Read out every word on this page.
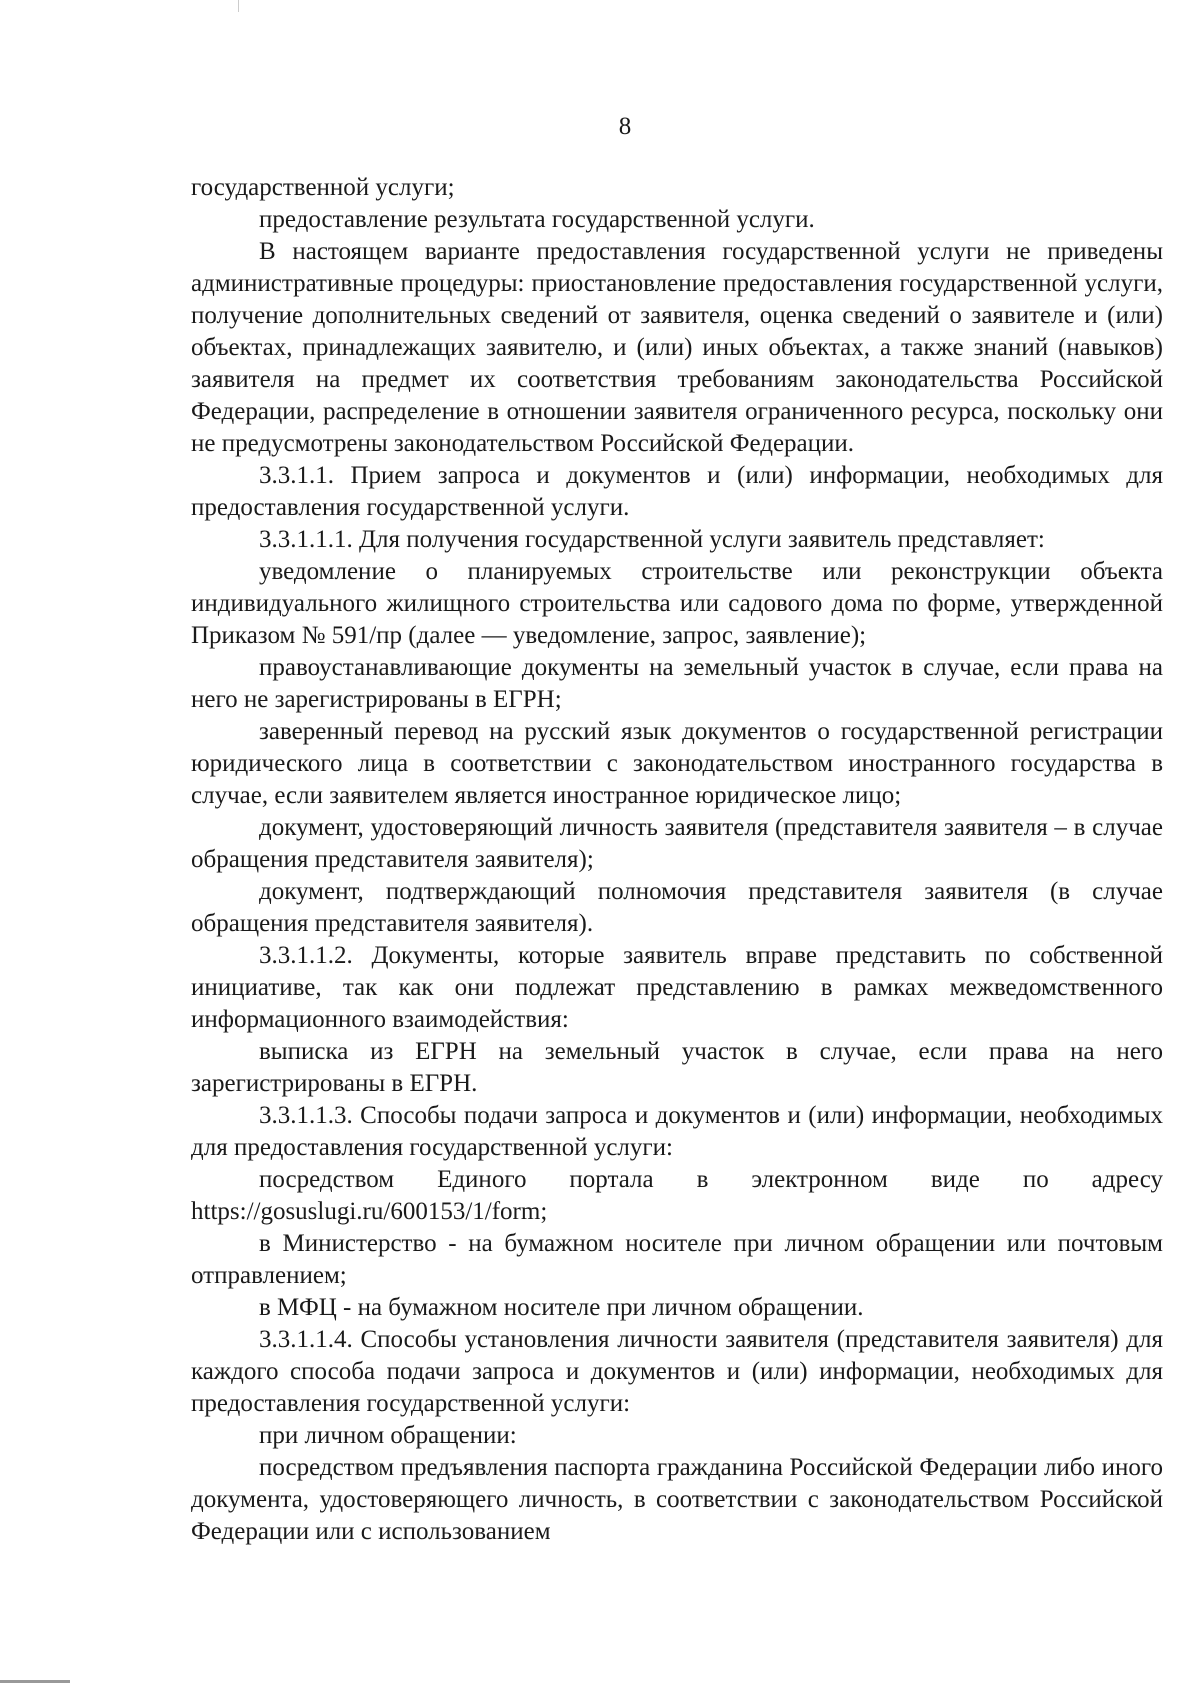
8

государственной услуги;

предоставление результата государственной услуги.

В настоящем варианте предоставления государственной услуги не приведены административные процедуры: приостановление предоставления государственной услуги, получение дополнительных сведений от заявителя, оценка сведений о заявителе и (или) объектах, принадлежащих заявителю, и (или) иных объектах, а также знаний (навыков) заявителя на предмет их соответствия требованиям законодательства Российской Федерации, распределение в отношении заявителя ограниченного ресурса, поскольку они не предусмотрены законодательством Российской Федерации.

3.3.1.1. Прием запроса и документов и (или) информации, необходимых для предоставления государственной услуги.

3.3.1.1.1. Для получения государственной услуги заявитель представляет:

уведомление о планируемых строительстве или реконструкции объекта индивидуального жилищного строительства или садового дома по форме, утвержденной Приказом № 591/пр (далее — уведомление, запрос, заявление);

правоустанавливающие документы на земельный участок в случае, если права на него не зарегистрированы в ЕГРН;

заверенный перевод на русский язык документов о государственной регистрации юридического лица в соответствии с законодательством иностранного государства в случае, если заявителем является иностранное юридическое лицо;

документ, удостоверяющий личность заявителя (представителя заявителя – в случае обращения представителя заявителя);

документ, подтверждающий полномочия представителя заявителя (в случае обращения представителя заявителя).

3.3.1.1.2. Документы, которые заявитель вправе представить по собственной инициативе, так как они подлежат представлению в рамках межведомственного информационного взаимодействия:

выписка из ЕГРН на земельный участок в случае, если права на него зарегистрированы в ЕГРН.

3.3.1.1.3. Способы подачи запроса и документов и (или) информации, необходимых для предоставления государственной услуги:

посредством Единого портала в электронном виде по адресу https://gosuslugi.ru/600153/1/form;

в Министерство - на бумажном носителе при личном обращении или почтовым отправлением;

в МФЦ - на бумажном носителе при личном обращении.

3.3.1.1.4. Способы установления личности заявителя (представителя заявителя) для каждого способа подачи запроса и документов и (или) информации, необходимых для предоставления государственной услуги:

при личном обращении:

посредством предъявления паспорта гражданина Российской Федерации либо иного документа, удостоверяющего личность, в соответствии с законодательством Российской Федерации или с использованием
